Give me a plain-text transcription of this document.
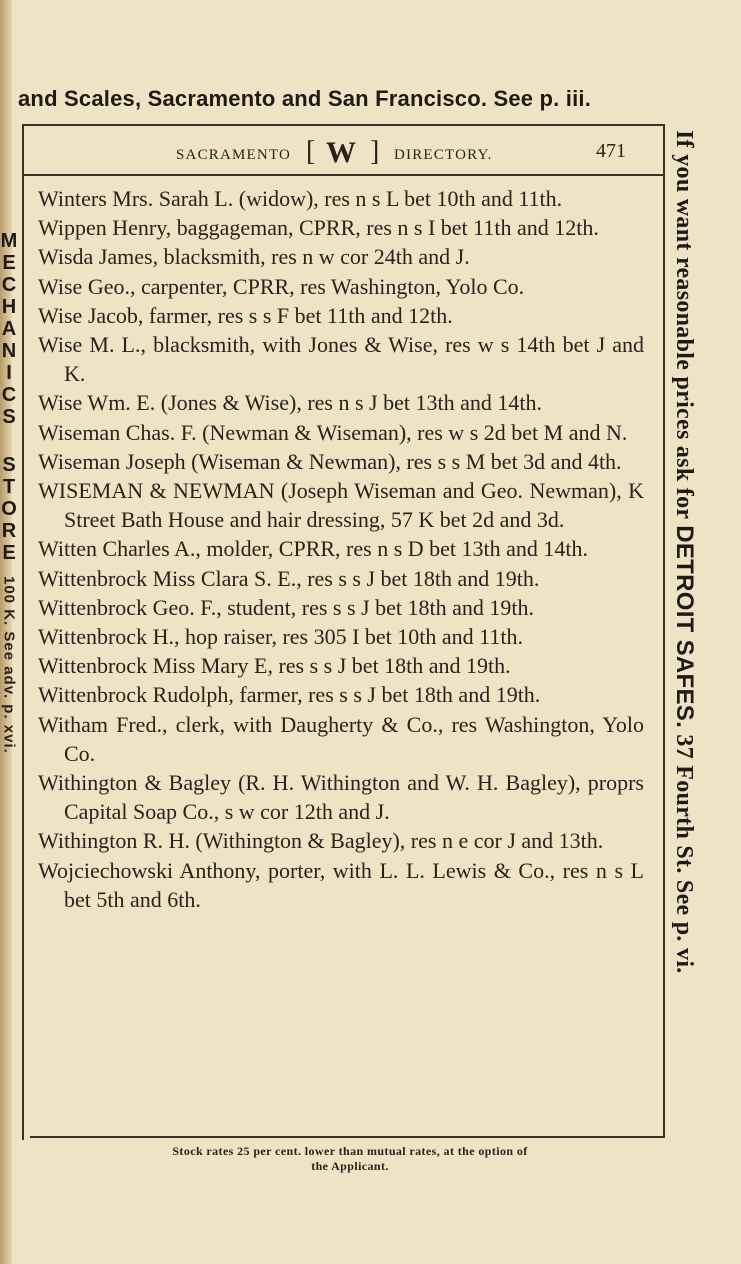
and Scales, Sacramento and San Francisco. See p. iii.
SACRAMENTO [ W ] DIRECTORY.	471
Winters Mrs. Sarah L. (widow), res n s L bet 10th and 11th.
Wippen Henry, baggageman, CPRR, res n s I bet 11th and 12th.
Wisda James, blacksmith, res n w cor 24th and J.
Wise Geo., carpenter, CPRR, res Washington, Yolo Co.
Wise Jacob, farmer, res s s F bet 11th and 12th.
Wise M. L., blacksmith, with Jones & Wise, res w s 14th bet J and K.
Wise Wm. E. (Jones & Wise), res n s J bet 13th and 14th.
Wiseman Chas. F. (Newman & Wiseman), res w s 2d bet M and N.
Wiseman Joseph (Wiseman & Newman), res s s M bet 3d and 4th.
WISEMAN & NEWMAN (Joseph Wiseman and Geo. Newman), K Street Bath House and hair dressing, 57 K bet 2d and 3d.
Witten Charles A., molder, CPRR, res n s D bet 13th and 14th.
Wittenbrock Miss Clara S. E., res s s J bet 18th and 19th.
Wittenbrock Geo. F., student, res s s J bet 18th and 19th.
Wittenbrock H., hop raiser, res 305 I bet 10th and 11th.
Wittenbrock Miss Mary E, res s s J bet 18th and 19th.
Wittenbrock Rudolph, farmer, res s s J bet 18th and 19th.
Witham Fred., clerk, with Daugherty & Co., res Washington, Yolo Co.
Withington & Bagley (R. H. Withington and W. H. Bagley), proprs Capital Soap Co., s w cor 12th and J.
Withington R. H. (Withington & Bagley), res n e cor J and 13th.
Wojciechowski Anthony, porter, with L. L. Lewis & Co., res n s L bet 5th and 6th.
M
E
C
H
A
N
I
C
S
S
T
O
R
E
100 K. See adv. p. xvi.
If you want reasonable prices ask for DETROIT SAFES. 37 Fourth St. See p. vi.
Stock rates 25 per cent. lower than mutual rates, at the option of
the Applicant.
